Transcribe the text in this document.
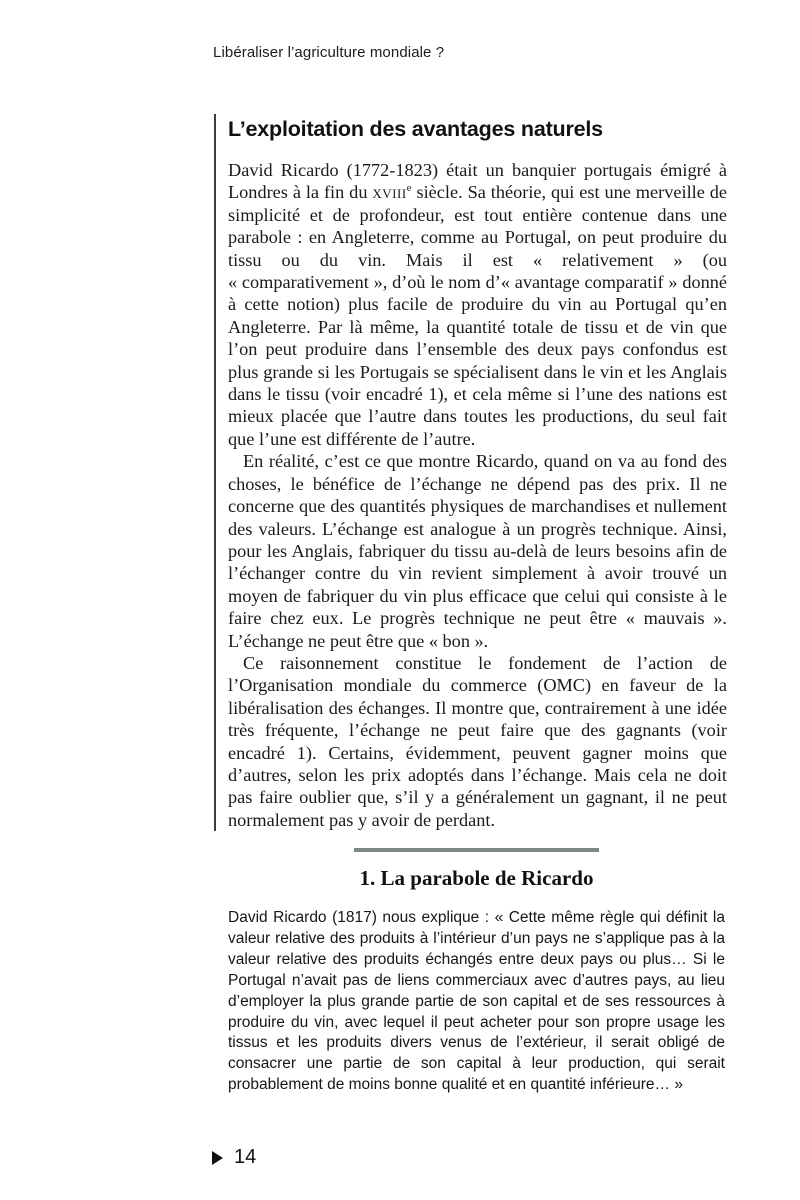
Libéraliser l’agriculture mondiale ?
L’exploitation des avantages naturels

David Ricardo (1772-1823) était un banquier portugais émigré à Londres à la fin du xviii$^e$ siècle. Sa théorie, qui est une merveille de simplicité et de profondeur, est tout entière contenue dans une parabole : en Angleterre, comme au Portugal, on peut produire du tissu ou du vin. Mais il est « relativement » (ou « comparativement », d’où le nom d’« avantage comparatif » donné à cette notion) plus facile de produire du vin au Portugal qu’en Angleterre. Par là même, la quantité totale de tissu et de vin que l’on peut produire dans l’ensemble des deux pays confondus est plus grande si les Portugais se spécialisent dans le vin et les Anglais dans le tissu (voir encadré 1), et cela même si l’une des nations est mieux placée que l’autre dans toutes les productions, du seul fait que l’une est différente de l’autre.

En réalité, c’est ce que montre Ricardo, quand on va au fond des choses, le bénéfice de l’échange ne dépend pas des prix. Il ne concerne que des quantités physiques de marchandises et nullement des valeurs. L’échange est analogue à un progrès technique. Ainsi, pour les Anglais, fabriquer du tissu au-delà de leurs besoins afin de l’échanger contre du vin revient simplement à avoir trouvé un moyen de fabriquer du vin plus efficace que celui qui consiste à le faire chez eux. Le progrès technique ne peut être « mauvais ». L’échange ne peut être que « bon ».

Ce raisonnement constitue le fondement de l’action de l’Organisation mondiale du commerce (OMC) en faveur de la libéralisation des échanges. Il montre que, contrairement à une idée très fréquente, l’échange ne peut faire que des gagnants (voir encadré 1). Certains, évidemment, peuvent gagner moins que d’autres, selon les prix adoptés dans l’échange. Mais cela ne doit pas faire oublier que, s’il y a généralement un gagnant, il ne peut normalement pas y avoir de perdant.

1. La parabole de Ricardo

David Ricardo (1817) nous explique : « Cette même règle qui définit la valeur relative des produits à l’intérieur d’un pays ne s’applique pas à la valeur relative des produits échangés entre deux pays ou plus… Si le Portugal n’avait pas de liens commerciaux avec d’autres pays, au lieu d’employer la plus grande partie de son capital et de ses ressources à produire du vin, avec lequel il peut acheter pour son propre usage les tissus et les produits divers venus de l’extérieur, il serait obligé de consacrer une partie de son capital à leur production, qui serait probablement de moins bonne qualité et en quantité inférieure… »

14
